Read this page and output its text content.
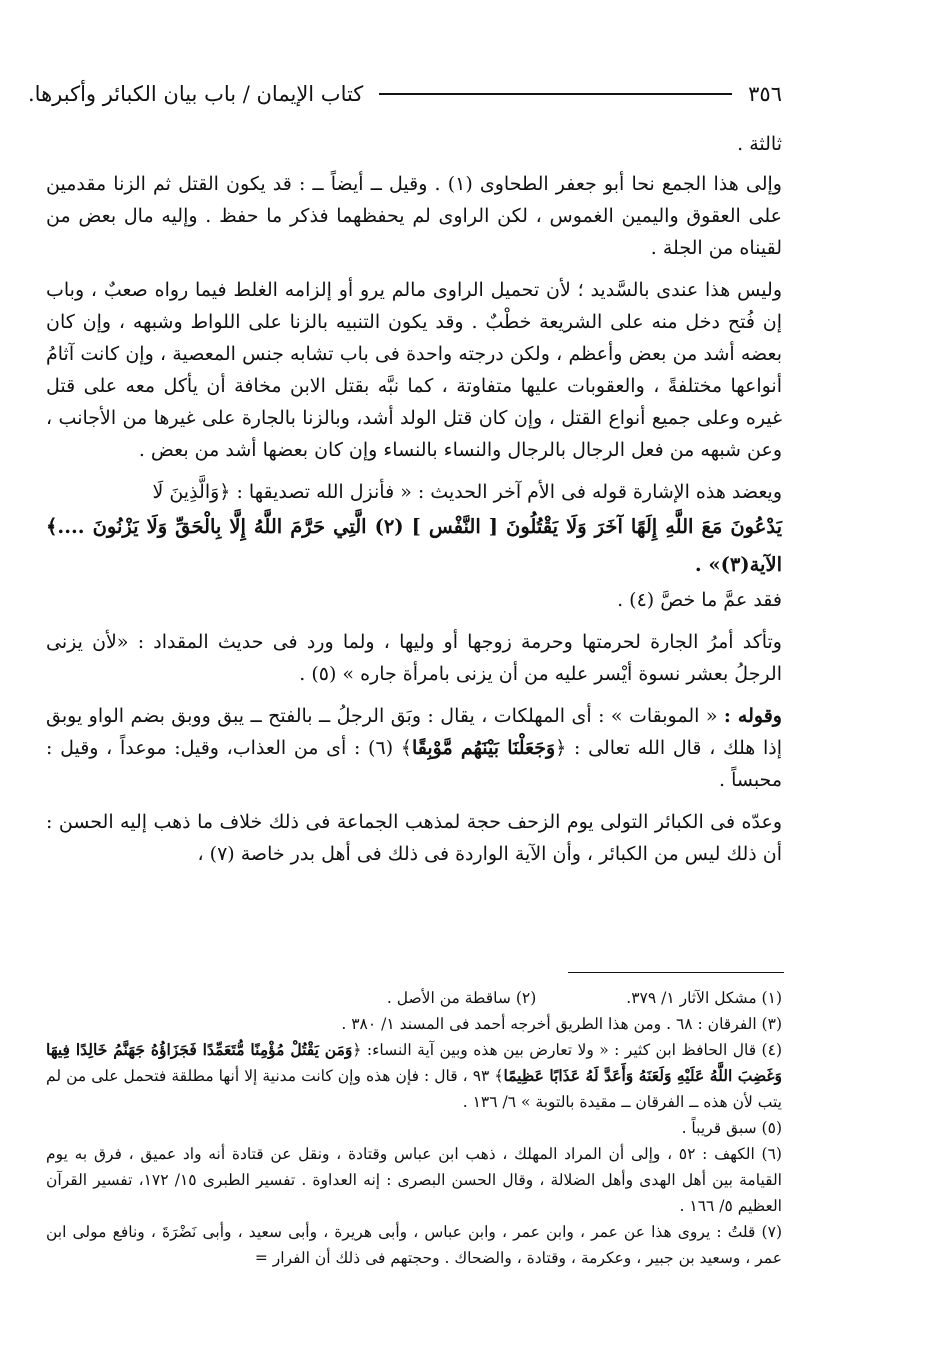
٣٥٦
كتاب الإيمان / باب بيان الكبائر وأكبرها.

ثالثة .

وإلى هذا الجمع نحا أبو جعفر الطحاوى (١) . وقيل ــ أيضاً ــ : قد يكون القتل ثم الزنا مقدمين على العقوق واليمين الغموس ، لكن الراوى لم يحفظهما فذكر ما حفظ . وإليه مال بعض من لقيناه من الجلة .

وليس هذا عندى بالسَّديد ؛ لأن تحميل الراوى مالم يرو أو إلزامه الغلط فيما رواه صعبٌ ، وباب إن فُتح دخل منه على الشريعة خطْبٌ . وقد يكون التنبيه بالزنا على اللواط وشبهه ، وإن كان بعضه أشد من بعض وأعظم ، ولكن درجته واحدة فى باب تشابه جنس المعصية ، وإن كانت آثامُ أنواعها مختلفةً ، والعقوبات عليها متفاوتة ، كما نبَّه بقتل الابن مخافة أن يأكل معه على قتل غيره وعلى جميع أنواع القتل ، وإن كان قتل الولد أشد، وبالزنا بالجارة على غيرها من الأجانب ، وعن شبهه من فعل الرجال بالرجال والنساء بالنساء وإن كان بعضها أشد من بعض .

ويعضد هذه الإشارة قوله فى الأم آخر الحديث : « فأنزل الله تصديقها : ﴿وَالَّذِينَ لَا

يَدْعُونَ مَعَ اللَّهِ إِلَهًا آخَرَ وَلَا يَقْتُلُونَ [ النَّفْس ] (٢) الَّتِي حَرَّمَ اللَّهُ إِلَّا بِالْحَقِّ وَلَا يَزْنُونَ ....﴾ الآية(٣)» .

فقد عمَّ ما خصَّ (٤) .

وتأكد أمرُ الجارة لحرمتها وحرمة زوجها أو وليها ، ولما ورد فى حديث المقداد : «لأن يزنى الرجلُ بعشر نسوة أيْسر عليه من أن يزنى بامرأة جاره » (٥) .

وقوله : « الموبقات » : أى المهلكات ، يقال : وبَق الرجلُ ــ بالفتح ــ يبق ووبق بضم الواو يوبق إذا هلك ، قال الله تعالى : ﴿وَجَعَلْنَا بَيْنَهُم مَّوْبِقًا﴾ (٦) : أى من العذاب، وقيل: موعداً ، وقيل : محبساً .

وعدّه فى الكبائر التولى يوم الزحف حجة لمذهب الجماعة فى ذلك خلاف ما ذهب إليه الحسن : أن ذلك ليس من الكبائر ، وأن الآية الواردة فى ذلك فى أهل بدر خاصة (٧) ،

(١) مشكل الآثار ١/ ٣٧٩.

(٢) ساقطة من الأصل .

(٣) الفرقان : ٦٨ . ومن هذا الطريق أخرجه أحمد فى المسند ١/ ٣٨٠ .

(٤) قال الحافظ ابن كثير : « ولا تعارض بين هذه وبين آية النساء: ﴿وَمَن يَقْتُلْ مُؤْمِنًا مُّتَعَمِّدًا فَجَزَاؤُهُ جَهَنَّمُ خَالِدًا فِيهَا وَغَضِبَ اللَّهُ عَلَيْهِ وَلَعَنَهُ وَأَعَدَّ لَهُ عَذَابًا عَظِيمًا﴾ ٩٣ ، قال : فإن هذه وإن كانت مدنية إلا أنها مطلقة فتحمل على من لم يتب لأن هذه ــ الفرقان ــ مقيدة بالتوبة » ٦/ ١٣٦ .

(٥) سبق قريباً .

(٦) الكهف : ٥٢ ، وإلى أن المراد المهلك ، ذهب ابن عباس وقتادة ، ونقل عن قتادة أنه واد عميق ، فرق به يوم القيامة بين أهل الهدى وأهل الضلالة ، وقال الحسن البصرى : إنه العداوة . تفسير الطبرى ١٥/ ١٧٢، تفسير القرآن العظيم ٥/ ١٦٦ .

(٧) قلتُ : يروى هذا عن عمر ، وابن عمر ، وابن عباس ، وأبى هريرة ، وأبى سعيد ، وأبى نَضْرَةَ ، ونافع مولى ابن عمر ، وسعيد بن جبير ، وعكرمة ، وقتادة ، والضحاك . وحجتهم فى ذلك أن الفرار =
